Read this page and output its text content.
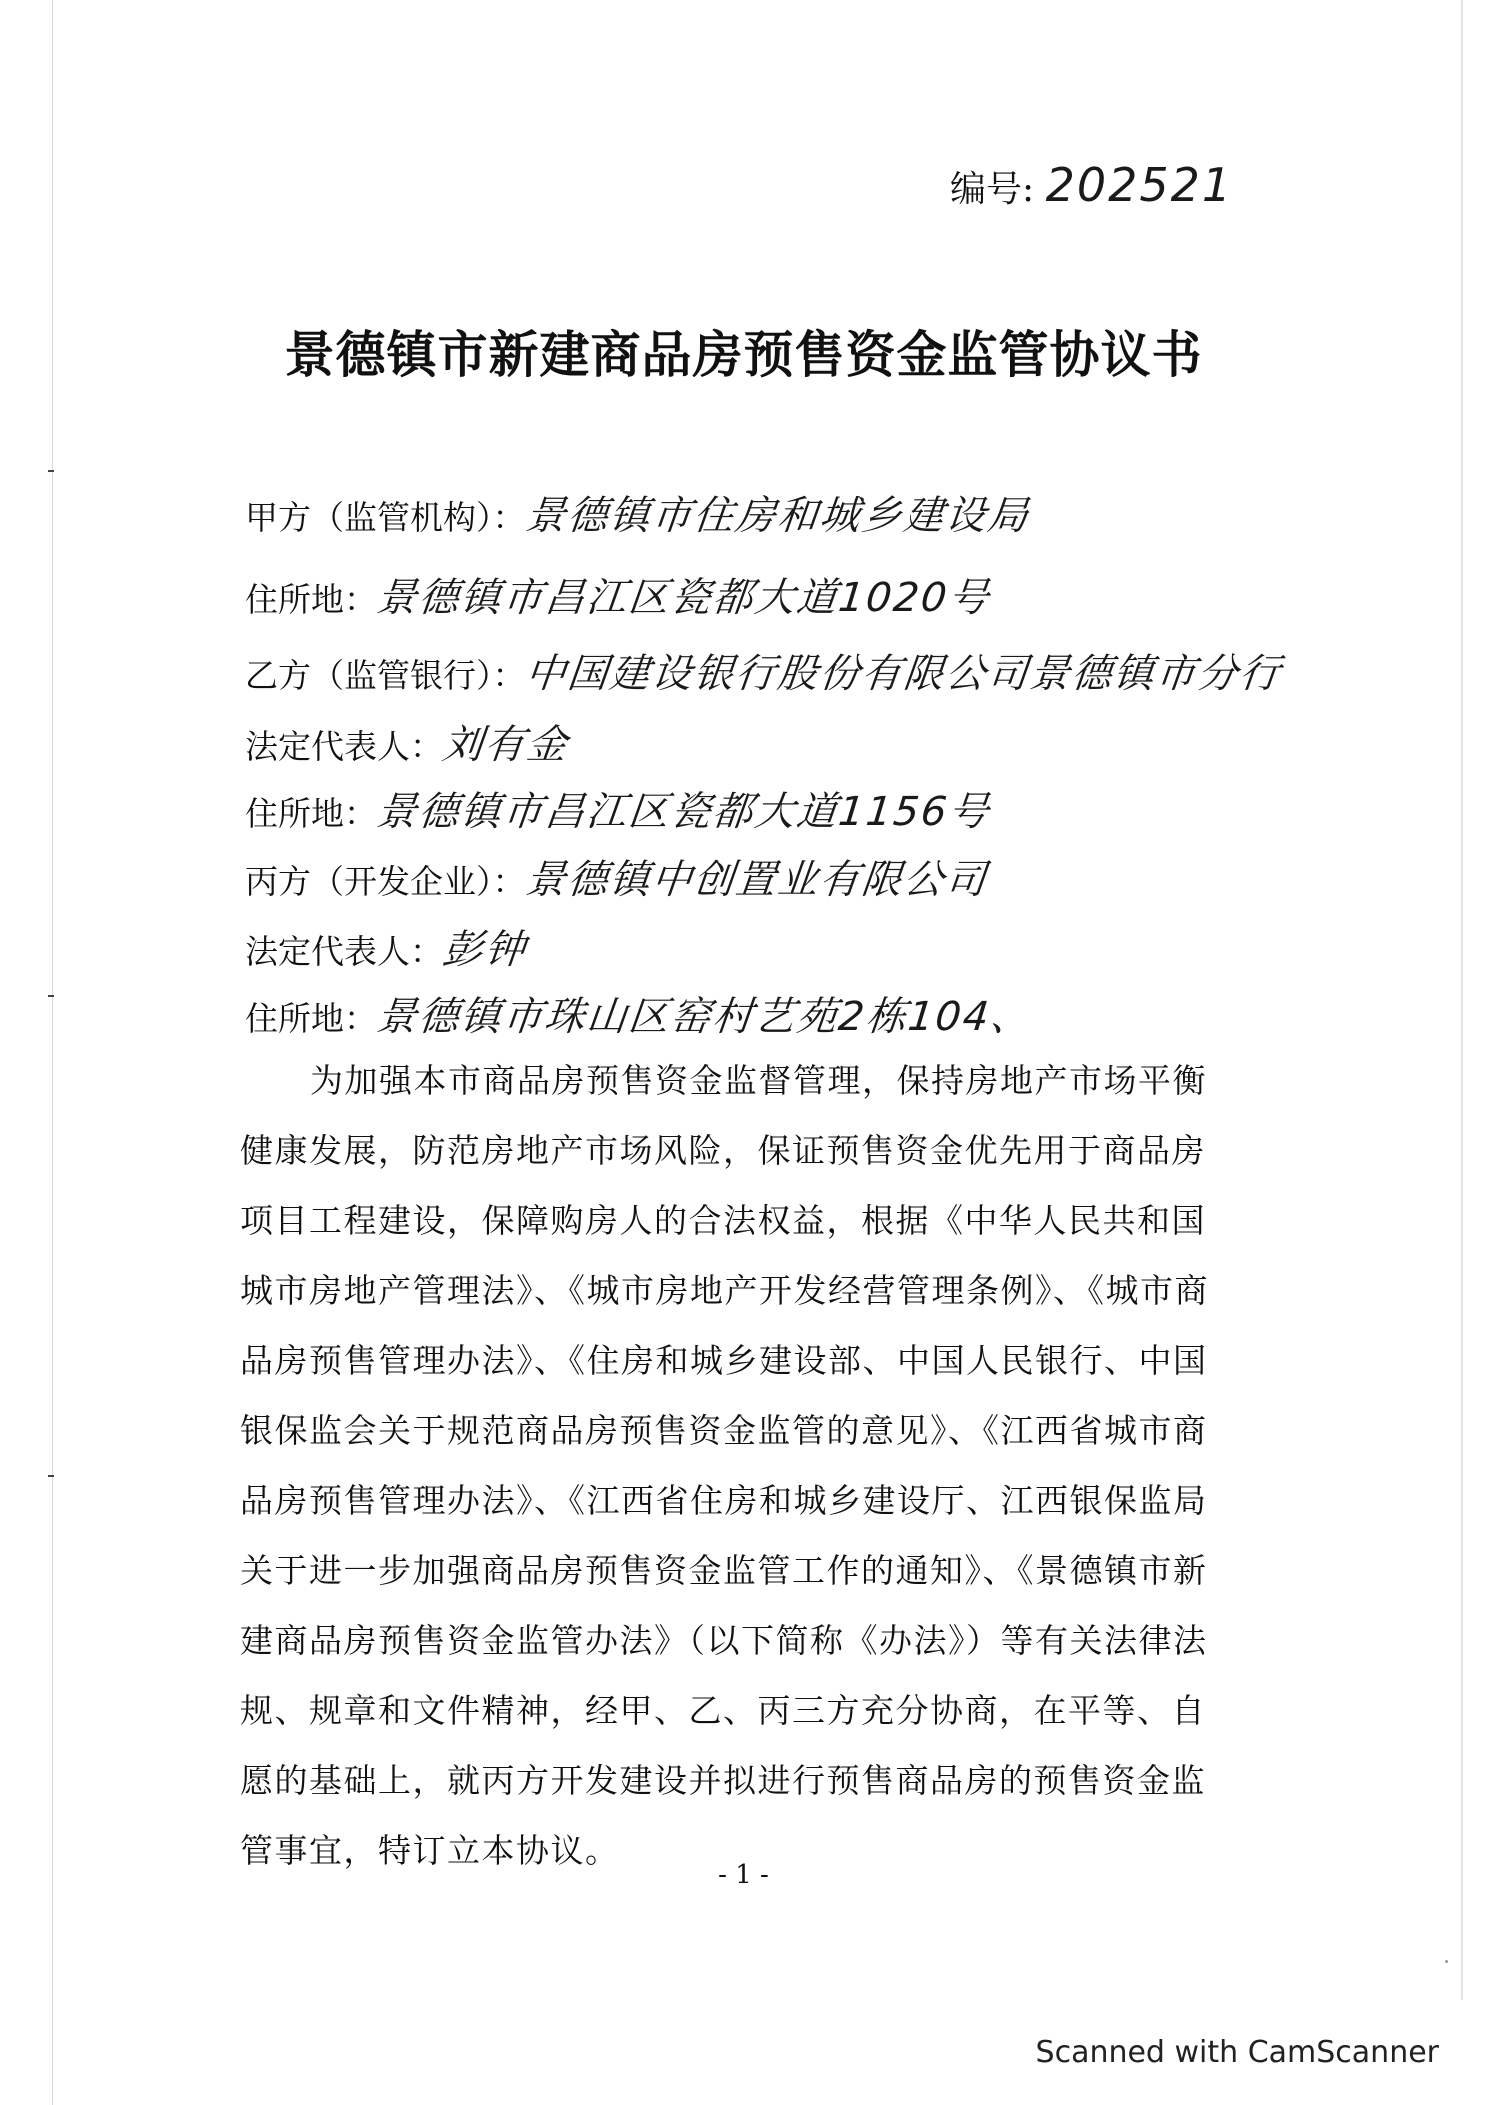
编号: 202521
景德镇市新建商品房预售资金监管协议书
甲方（监管机构）：景德镇市住房和城乡建设局
住所地：景德镇市昌江区瓷都大道1020号
乙方（监管银行）：中国建设银行股份有限公司景德镇市分行
法定代表人：刘有金
住所地：景德镇市昌江区瓷都大道1156号
丙方（开发企业）：景德镇中创置业有限公司
法定代表人：彭钟
住所地：景德镇市珠山区窑村艺苑2栋104、
为加强本市商品房预售资金监督管理，保持房地产市场平衡健康发展，防范房地产市场风险，保证预售资金优先用于商品房项目工程建设，保障购房人的合法权益，根据《中华人民共和国城市房地产管理法》、《城市房地产开发经营管理条例》、《城市商品房预售管理办法》、《住房和城乡建设部、中国人民银行、中国银保监会关于规范商品房预售资金监管的意见》、《江西省城市商品房预售管理办法》、《江西省住房和城乡建设厅、江西银保监局关于进一步加强商品房预售资金监管工作的通知》、《景德镇市新建商品房预售资金监管办法》（以下简称《办法》）等有关法律法规、规章和文件精神，经甲、乙、丙三方充分协商，在平等、自愿的基础上，就丙方开发建设并拟进行预售商品房的预售资金监管事宜，特订立本协议。
- 1 -
Scanned with CamScanner
